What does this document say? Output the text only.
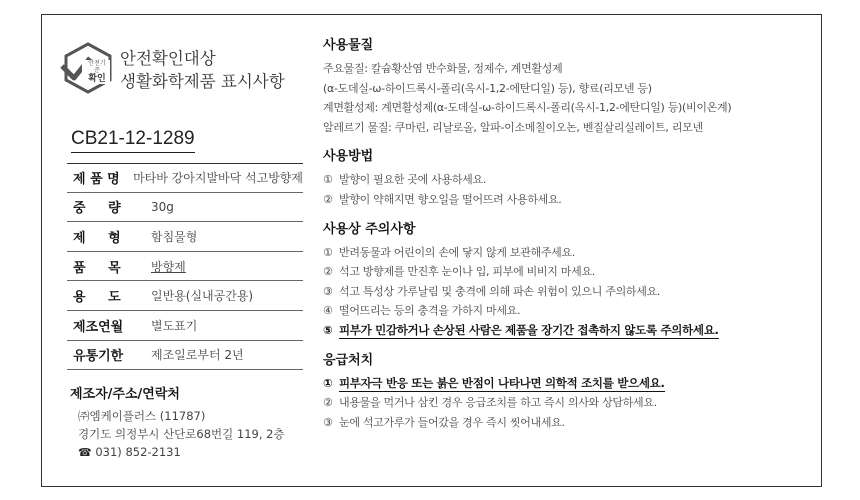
안전기준
확인
안전확인대상
생활화학제품 표시사항
CB21-12-1289
제 품 명	마타바 강아지발바닥 석고방향제
중     량	30g
제     형	함침물형
품     목	방향제
용     도	일반용(실내공간용)
제조연월	별도표기
유통기한	제조일로부터 2년
제조자/주소/연락처
㈜엠케이플러스 (11787)
경기도 의정부시 산단로68번길 119, 2층
☎ 031) 852-2131
사용물질
주요물질: 칼슘황산염 반수화물, 정제수, 계면활성제
(α-도데실-ω-하이드록시-폴리(옥시-1,2-에탄디일) 등), 향료(리모넨 등)
계면활성제: 계면활성제(α-도데실-ω-하이드록시-폴리(옥시-1,2-에탄디일) 등)(비이온계)
알레르기 물질: 쿠마린, 리날로올, 알파-이소메칠이오논, 벤질살리실레이트, 리모넨
사용방법
① 발향이 필요한 곳에 사용하세요.
② 발향이 약해지면 향오일을 떨어뜨려 사용하세요.
사용상 주의사항
① 반려동물과 어린이의 손에 닿지 않게 보관해주세요.
② 석고 방향제를 만진후 눈이나 입, 피부에 비비지 마세요.
③ 석고 특성상 가루날림 및 충격에 의해 파손 위험이 있으니 주의하세요.
④ 떨어뜨리는 등의 충격을 가하지 마세요.
⑤ 피부가 민감하거나 손상된 사람은 제품을 장기간 접촉하지 않도록 주의하세요.
응급처치
① 피부자극 반응 또는 붉은 반점이 나타나면 의학적 조치를 받으세요.
② 내용물을 먹거나 삼킨 경우 응급조치를 하고 즉시 의사와 상담하세요.
③ 눈에 석고가루가 들어갔을 경우 즉시 씻어내세요.
